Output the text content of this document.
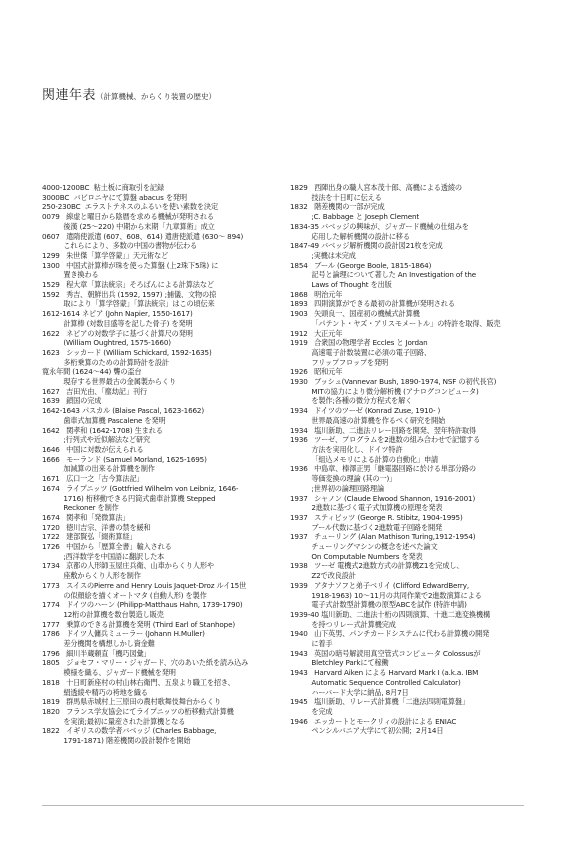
関連年表（計算機械、からくり装置の歴史）
4000-1200BC 粘土板に商取引を記録
3000BC バビロニヤにて算盤 abacus を発明
250-230BC エラストテネスのふるいを使い素数を決定
0079 線虚と曜日から陰暦を求める機械が発明される
後漢 (25〜220) 中期から末期「九章算術」成立
0607 遣隋使派遣 (607、608、614) 遣唐使派遣 (630〜 894)
これらにより、多数の中国の書物が伝わる
1299 朱世傑「算学啓蒙」」天元術など
1300 中国式計算棒が珠を使った算盤 (上2珠下5珠) に
置き換わる
1529 程大章「算法統宗」そろばんによる計算法など
1592 秀吉、朝鮮出兵 (1592, 1597) ;捕儀、文物の掠
取により「算学啓蒙」「算法統宗」はこの頃伝来
1612-1614 ネピア (John Napier, 1550-1617)
計算棒 (対数目盛等を記した骨子) を発明
1622 ネピアの対数学子に基づく計算尺の発明
(William Oughtred, 1575-1660)
1623 シッカード (William Schickard, 1592-1635)
多桁乗算のための計算時計を設計
寛永年間 (1624〜44) 聾の盃台
現存する世界最古の金属製からくり
1627 吉田光由、「塵劫記」刊行
1639 鎖国の完成
1642-1643 パスカル (Blaise Pascal, 1623-1662)
歯車式加算機 Pascalene を発明
1642 関孝和 (1642-1708) 生まれる
;行列式や近似解法など研究
1646 中国に対数が伝えられる
1666 モーランド (Samuel Morland, 1625-1695)
加減算の出来る計算機を制作
1671 広口一之「古今算法記」
1674 ライプニッツ (Gottfried Wilhelm von Leibniz, 1646-
1716) 桁移動できる円筒式歯車計算機 Stepped
Reckoner を制作
1674 関孝和「発微算法」
1720 徳川吉宗、洋書の禁を緩和
1722 建部賢弘「綴術算経」
1726 中国から「歴算全書」輸入される
;西洋数学を中国語に翻訳した本
1734 京都の人形師玉屋庄兵衛、山車からくり人形や
座敷からくり人形を制作
1773 スイスのPierre and Henry Louis Jaquet-Droz ルイ15世
の似顔絵を描くオートマタ (自動人形) を製作
1774 ドイツのハーン (Philipp-Matthaus Hahn, 1739-1790)
12桁の計算機を数台製造し販売
1777 乗算のできる計算機を発明 (Third Earl of Stanhope)
1786 ドイツ人傭兵ミューラー (Johann H.Muller)
差分機関を構想しかし資金難
1796 細川半蔵頼直「機巧図彙」
1805 ジョセフ・マリー・ジャガード、穴のあいた紙を読み込み
模様を織る、ジャガード機械を発明
1818 十日町新座村の村山林右衛門、五泉より職工を招き、
絹透綾や精巧の袴地を織る
1819 群馬県赤城村上三原田の農村歌舞伎舞台からくり
1820 フランス学友協会にてライプニッツの桁移動式計算機
を実演;最初に量産された計算機となる
1822 イギリスの数学者バベッジ (Charles Babbage,
1791-1871) 階差機関の設計製作を開始
1829 西陣出身の職人宮本茂十郎、高機による透綾の
技法を十日町に伝える
1832 階差機関の一部が完成
;C. Babbage と Joseph Clement
1834-35 バベッジの興味が、ジャガード機械の仕組みを
応用した解析機関の設計に移る
1847-49 バベッジ解析機関の設計図21枚を完成
;実機は未完成
1854 ブール (George Boole, 1815-1864)
記号と論理について著した An Investigation of the
Laws of Thought を出版
1868 明治元年
1893 四則演算ができる最初の計算機が発明される
1903 矢頭良一、国産初の機械式計算機
「パテント・ヤズ・アリスモメートル」の特許を取得、販売
1912 大正元年
1919 合衆国の物理学者 Eccles と Jordan
高速電子計数装置に必須の電子回路、
フリップフロップを発明
1926 昭和元年
1930 ブッシュ(Vannevar Bush, 1890-1974, NSF の初代長官)
MITの協力により微分解析機 (アナログコンピュータ)
を製作;各種の微分方程式を解く
1934 ドイツのツーゼ (Konrad Zuse, 1910- )
世界最高速の計算機を作るべく研究を開始
1934 塩川新助、二進法リレー回路を開発、翌年特許取得
1936 ツーゼ、プログラムを2進数の組み合わせで記憶する
方法を実用化し、ドイツ特許
「組込メモリによる計算の自動化」申請
1936 中島章、榛澤正男「継電器回路に於ける単部分路の
等価変換の理論 (其の一)」
;世界初の論理回路理論
1937 シャノン (Claude Elwood Shannon, 1916-2001)
2進数に基づく電子式加算機の原理を発表
1937 スティビッツ (George R. Stibitz, 1904-1995)
ブール代数に基づく2進数電子回路を開発
1937 チューリング (Alan Mathison Turing,1912-1954)
チューリングマシンの概念を述べた論文
On Computable Numbers を発表
1938 ツーゼ 電機式2進数方式の計算機Z1を完成し、
Z2で改良設計
1939 アタナソフと弟子ベリイ (Clifford EdwardBerry,
1918-1963) 10〜11月の共同作業で2進数演算による
電子式計数型計算機の原型ABCを試作 (特許申請)
1939-40 塩川新助、二進法十桁の四則演算、十進二進変換機構
を持つリレー式計算機完成
1940 山下英男、パンチカードシステムに代わる計算機の開発
に着手
1943 英国の暗号解読用真空管式コンピュータ Colossusが
Bletchley Parkにて稼働
1943 Harvard Aiken による Harvard Mark I (a.k.a. IBM
Automatic Sequence Controlled Calculator)
ハーバード大学に納品, 8月7日
1945 塩川新助、リレー式計算機「二進法四則電算盤」
を完成
1946 エッカートとモークリィの設計による ENIAC
ペンシルバニア大学にて初公開；2月14日
